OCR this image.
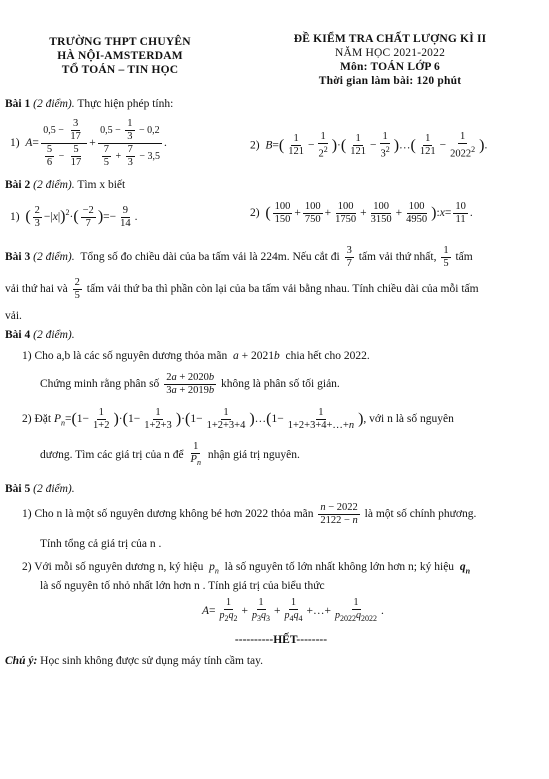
TRƯỜNG THPT CHUYÊN
HÀ NỘI-AMSTERDAM
TỔ TOÁN – TIN HỌC
ĐỀ KIỂM TRA CHẤT LƯỢNG KÌ II
NĂM HỌC 2021-2022
Môn: TOÁN LỚP 6
Thời gian làm bài: 120 phút
Bài 1 (2 điểm). Thực hiện phép tính:
1)  $A= \frac{0,5 - \frac{3}{17}}{\frac{5}{6} - \frac{5}{17}} + \frac{0,5 - \frac{1}{3} - 0,2}{\frac{7}{5} + \frac{7}{3} - 3,5}$ .	2)  $B=( \frac{1}{121} - \frac{1}{2^2}$ )·( $\frac{1}{121} - \frac{1}{3^2}$ )…( $\frac{1}{121} - \frac{1}{2022^2}$ ).
Bài 2 (2 điểm). Tìm x biết
1) ( $\frac{2}{3} -|x|)^2\cdot( \frac{-2}{7}$ )=− $\frac{9}{14}$ .	2) ( $\frac{100}{150} + \frac{100}{750} + \frac{100}{1750} + \frac{100}{3150} + \frac{100}{4950}$ ):x= $\frac{10}{11}$ .
Bài 3 (2 điểm). Tổng số đo chiều dài của ba tấm vải là 224m. Nếu cắt đi $\frac{3}{7}$ tấm vải thứ nhất, $\frac{1}{5}$ tấm
vải thứ hai và $\frac{2}{5}$ tấm vải thứ ba thì phần còn lại của ba tấm vải bằng nhau. Tính chiều dài của mỗi tấm
vải.
Bài 4 (2 điểm).
1) Cho a,b là các số nguyên dương thỏa mãn  a + 2021b chia hết cho 2022.
Chứng minh rằng phân số $\frac{2a + 2020b}{3a + 2019b}$ không là phân số tối giản.
2) Đặt $P_n=(1- \frac{1}{1+2} )\cdot(1- \frac{1}{1+2+3} )\cdot(1- \frac{1}{1+2+3+4}$ )…(1− $\frac{1}{1+2+3+4+\dots+n}$ ), với n là số nguyên
dương. Tìm các giá trị của n để $\frac{1}{P_n}$ nhận giá trị nguyên.
Bài 5 (2 điểm).
1) Cho n là một số nguyên dương không bé hơn 2022 thỏa mãn $\frac{n - 2022}{2122 - n}$ là một số chính phương.
Tính tổng cả giá trị của n .
2) Với mỗi số nguyên dương n, ký hiệu  $p_n$ là số nguyên tố lớn nhất không lớn hơn n; ký hiệu  $q_n$
là số nguyên tố nhỏ nhất lớn hơn n . Tính giá trị của biểu thức
$A= \frac{1}{p_2q_2} + \frac{1}{p_3q_3} + \frac{1}{p_4q_4}$ +…+ $\frac{1}{p_{2022}q_{2022}}$ .
----------HẾT--------
Chú ý: Học sinh không được sử dụng máy tính cầm tay.
